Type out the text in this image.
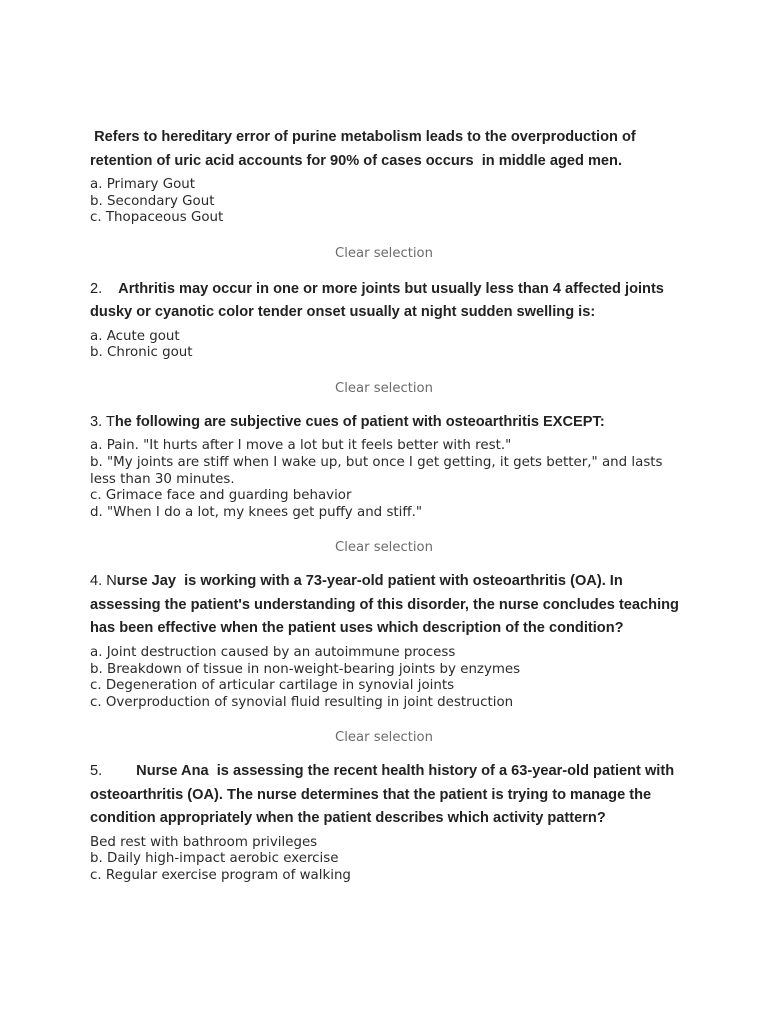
Refers to hereditary error of purine metabolism leads to the overproduction of retention of uric acid accounts for 90% of cases occurs  in middle aged men.

a. Primary Gout
b. Secondary Gout
c. Thopaceous Gout
Clear selection

2. Arthritis may occur in one or more joints but usually less than 4 affected joints dusky or cyanotic color tender onset usually at night sudden swelling is:

a. Acute gout
b. Chronic gout
Clear selection

3. The following are subjective cues of patient with osteoarthritis EXCEPT:

a. Pain. "It hurts after I move a lot but it feels better with rest."
b. "My joints are stiff when I wake up, but once I get getting, it gets better," and lasts less than 30 minutes.
c. Grimace face and guarding behavior
d. "When I do a lot, my knees get puffy and stiff."
Clear selection

4. Nurse Jay  is working with a 73-year-old patient with osteoarthritis (OA). In assessing the patient's understanding of this disorder, the nurse concludes teaching has been effective when the patient uses which description of the condition?

a. Joint destruction caused by an autoimmune process
b. Breakdown of tissue in non-weight-bearing joints by enzymes
c. Degeneration of articular cartilage in synovial joints
c. Overproduction of synovial fluid resulting in joint destruction
Clear selection

5. Nurse Ana  is assessing the recent health history of a 63-year-old patient with osteoarthritis (OA). The nurse determines that the patient is trying to manage the condition appropriately when the patient describes which activity pattern?

Bed rest with bathroom privileges
b. Daily high-impact aerobic exercise
c. Regular exercise program of walking
